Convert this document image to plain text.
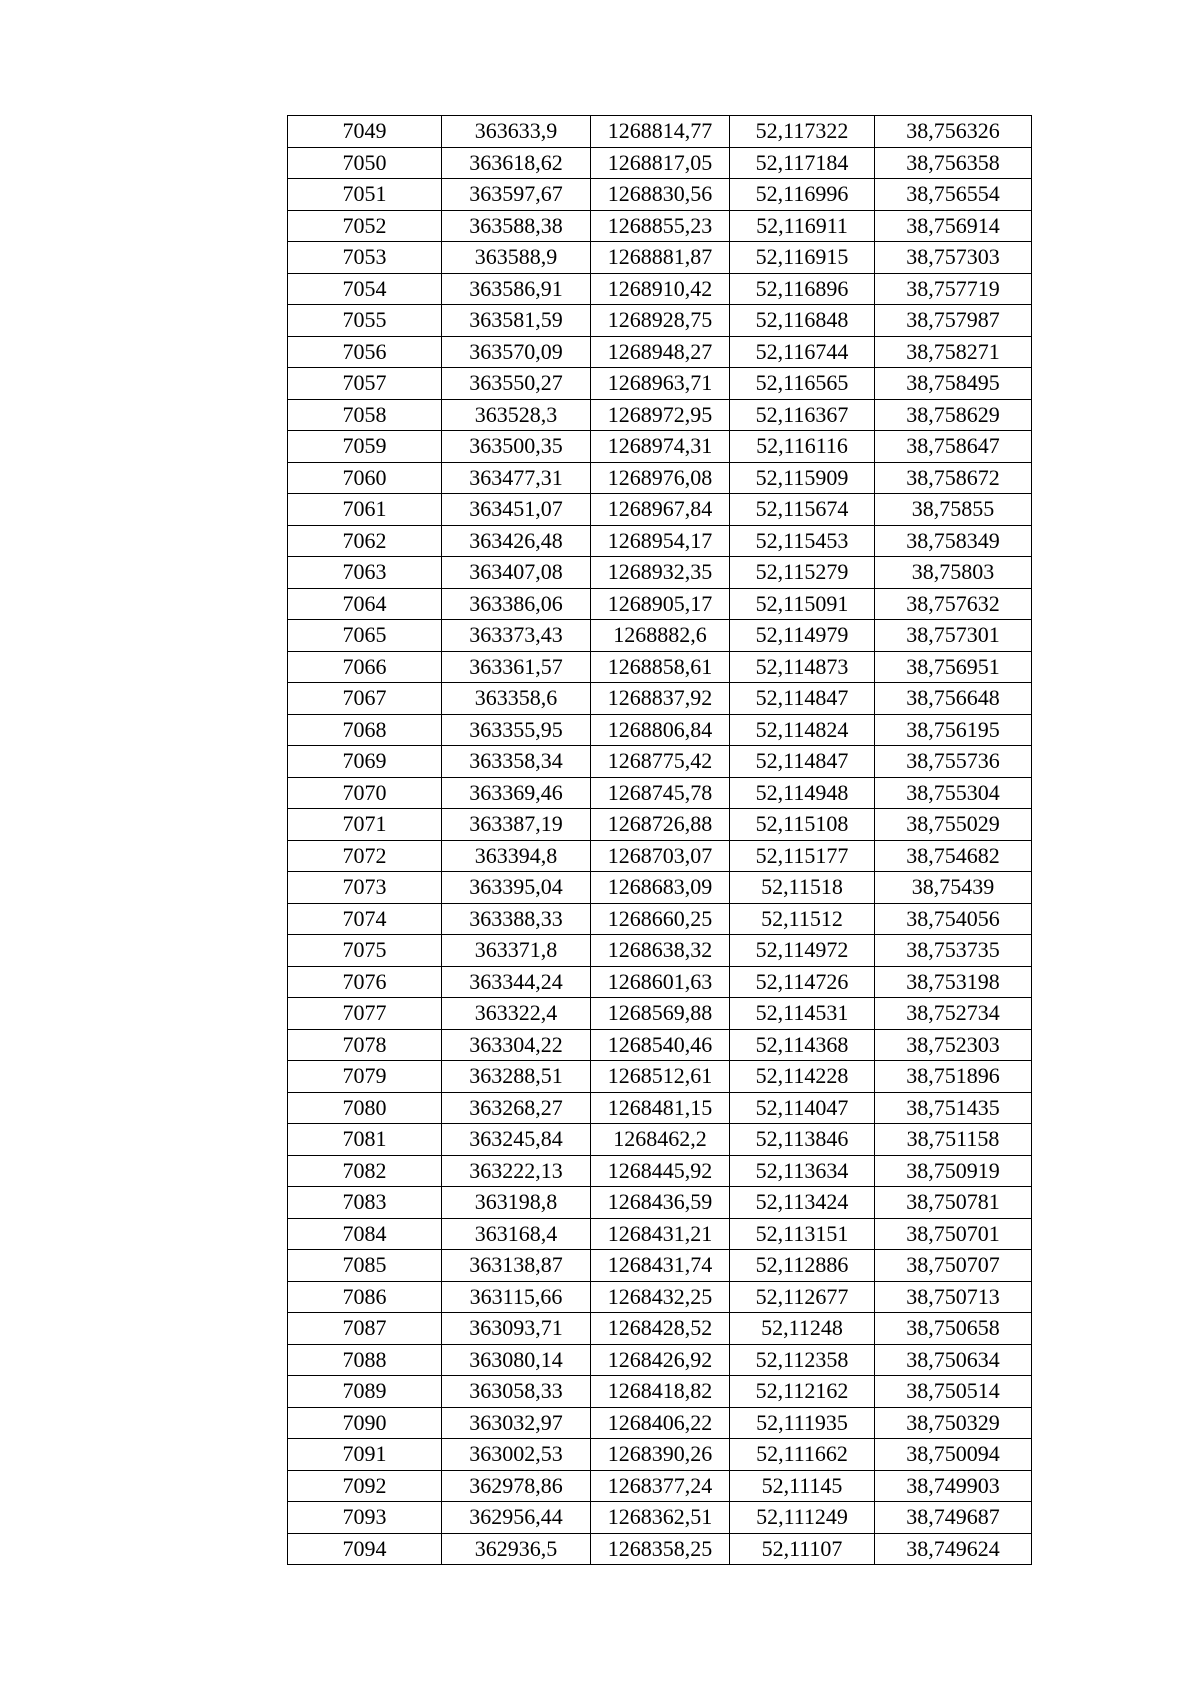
7049	363633,9	1268814,77	52,117322	38,756326
7050	363618,62	1268817,05	52,117184	38,756358
7051	363597,67	1268830,56	52,116996	38,756554
7052	363588,38	1268855,23	52,116911	38,756914
7053	363588,9	1268881,87	52,116915	38,757303
7054	363586,91	1268910,42	52,116896	38,757719
7055	363581,59	1268928,75	52,116848	38,757987
7056	363570,09	1268948,27	52,116744	38,758271
7057	363550,27	1268963,71	52,116565	38,758495
7058	363528,3	1268972,95	52,116367	38,758629
7059	363500,35	1268974,31	52,116116	38,758647
7060	363477,31	1268976,08	52,115909	38,758672
7061	363451,07	1268967,84	52,115674	38,75855
7062	363426,48	1268954,17	52,115453	38,758349
7063	363407,08	1268932,35	52,115279	38,75803
7064	363386,06	1268905,17	52,115091	38,757632
7065	363373,43	1268882,6	52,114979	38,757301
7066	363361,57	1268858,61	52,114873	38,756951
7067	363358,6	1268837,92	52,114847	38,756648
7068	363355,95	1268806,84	52,114824	38,756195
7069	363358,34	1268775,42	52,114847	38,755736
7070	363369,46	1268745,78	52,114948	38,755304
7071	363387,19	1268726,88	52,115108	38,755029
7072	363394,8	1268703,07	52,115177	38,754682
7073	363395,04	1268683,09	52,11518	38,75439
7074	363388,33	1268660,25	52,11512	38,754056
7075	363371,8	1268638,32	52,114972	38,753735
7076	363344,24	1268601,63	52,114726	38,753198
7077	363322,4	1268569,88	52,114531	38,752734
7078	363304,22	1268540,46	52,114368	38,752303
7079	363288,51	1268512,61	52,114228	38,751896
7080	363268,27	1268481,15	52,114047	38,751435
7081	363245,84	1268462,2	52,113846	38,751158
7082	363222,13	1268445,92	52,113634	38,750919
7083	363198,8	1268436,59	52,113424	38,750781
7084	363168,4	1268431,21	52,113151	38,750701
7085	363138,87	1268431,74	52,112886	38,750707
7086	363115,66	1268432,25	52,112677	38,750713
7087	363093,71	1268428,52	52,11248	38,750658
7088	363080,14	1268426,92	52,112358	38,750634
7089	363058,33	1268418,82	52,112162	38,750514
7090	363032,97	1268406,22	52,111935	38,750329
7091	363002,53	1268390,26	52,111662	38,750094
7092	362978,86	1268377,24	52,11145	38,749903
7093	362956,44	1268362,51	52,111249	38,749687
7094	362936,5	1268358,25	52,11107	38,749624
